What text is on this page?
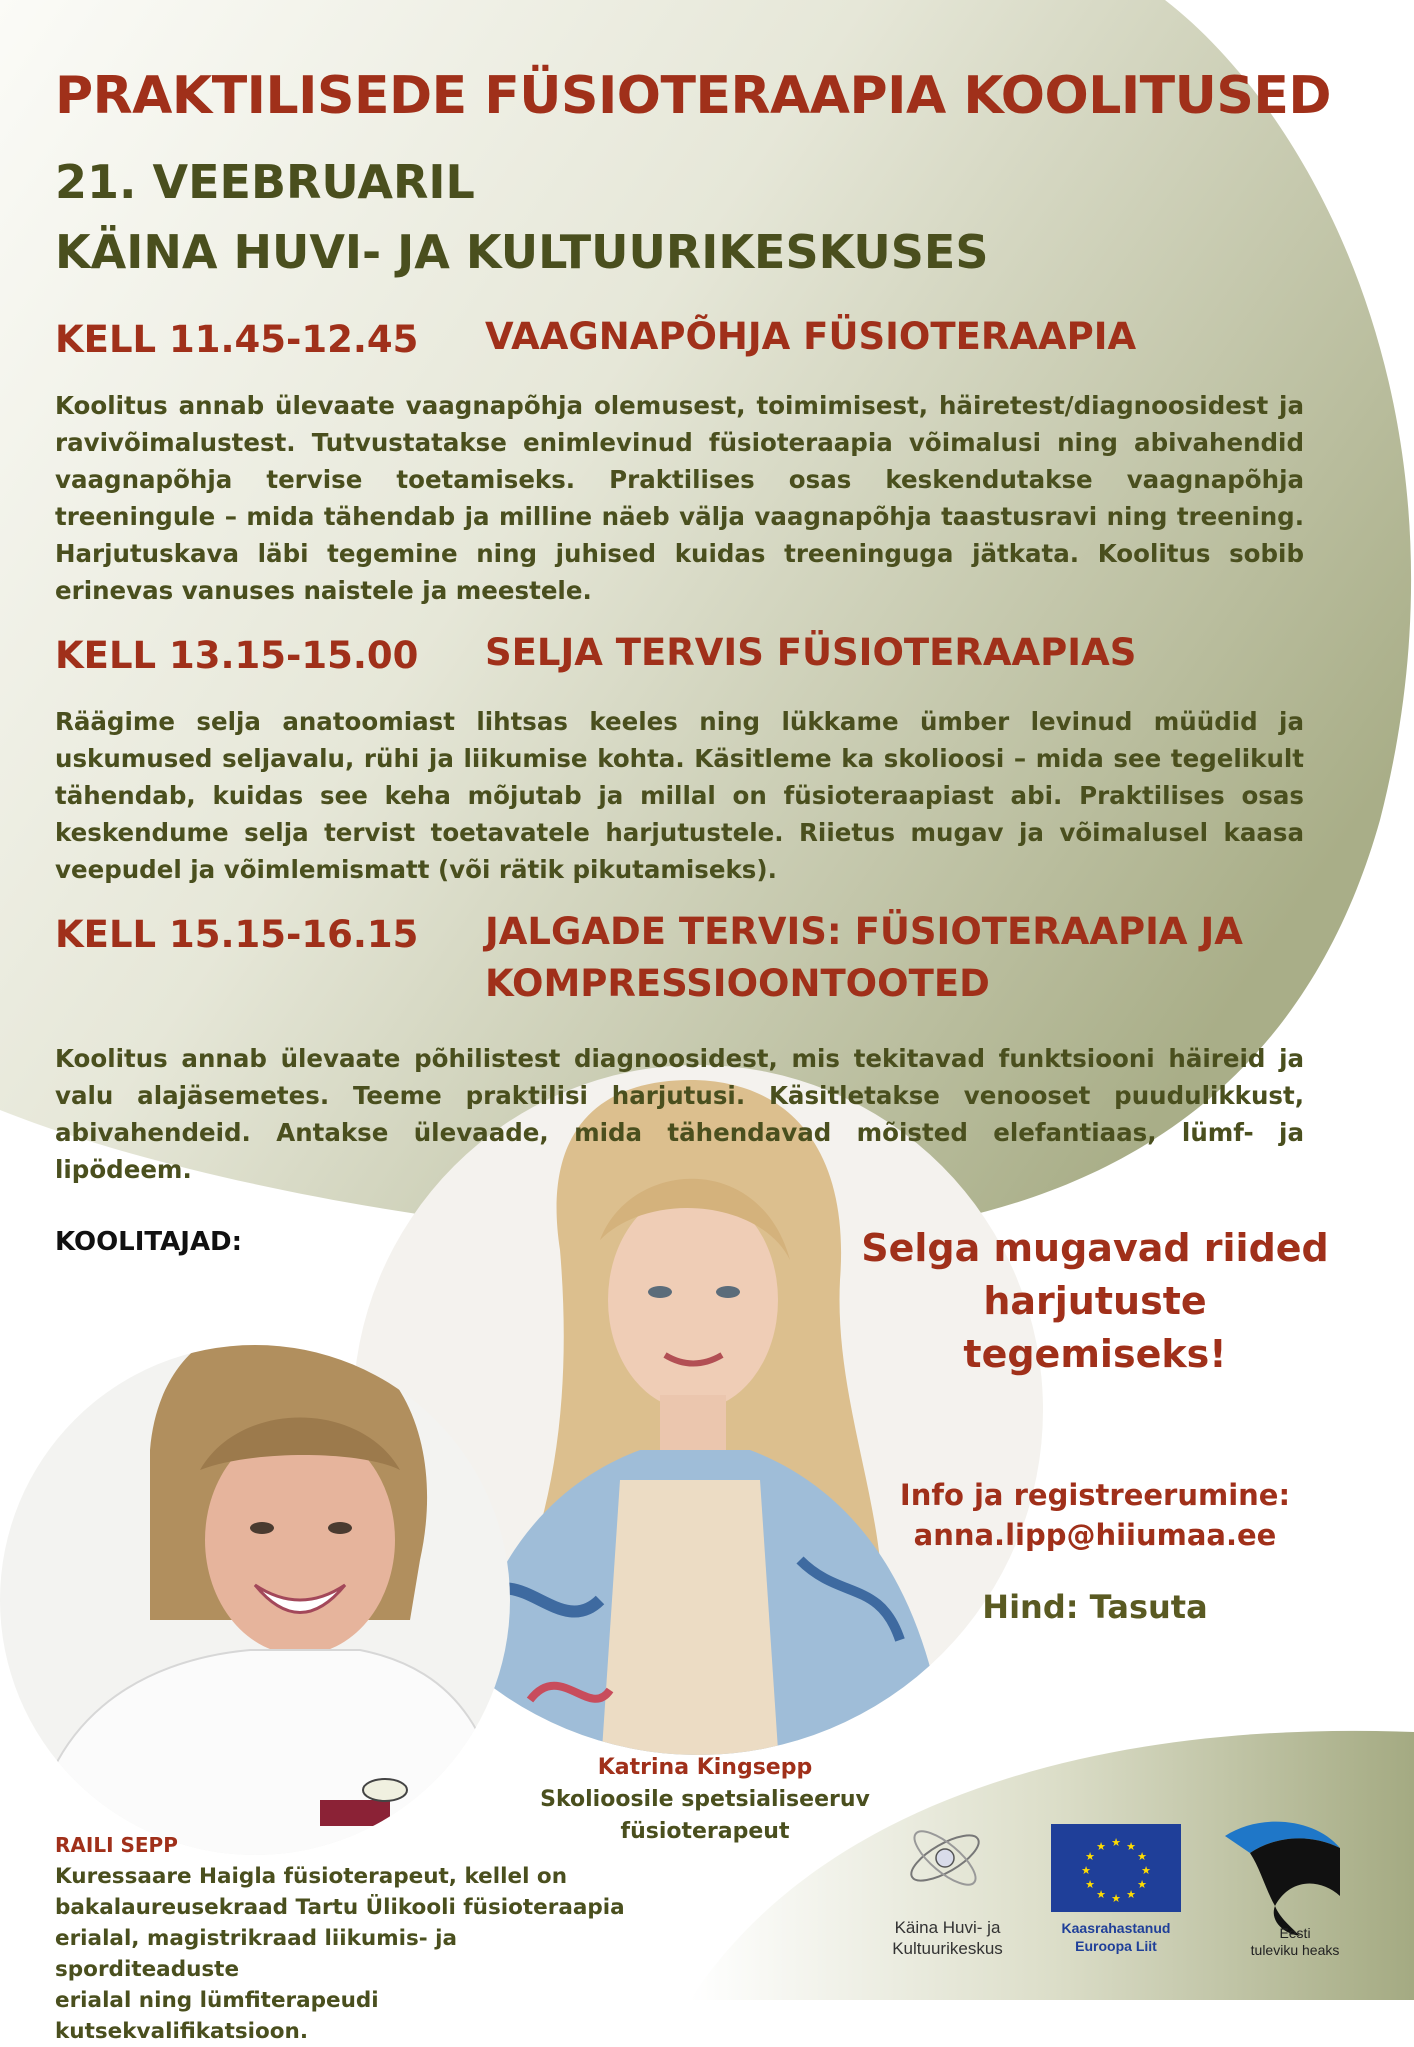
★ ★
★
★
★
★
★
★
★
★
★
★
PRAKTILISEDE FÜSIOTERAAPIA KOOLITUSED
21. VEEBRUARIL
KÄINA HUVI- JA KULTUURIKESKUSES
KELL 11.45-12.45 VAAGNAPÕHJA FÜSIOTERAAPIA
Koolitus annab ülevaate vaagnapõhja olemusest, toimimisest, häiretest/diagnoosidest ja ravivõimalustest. Tutvustatakse enimlevinud füsioteraapia võimalusi ning abivahendid vaagnapõhja tervise toetamiseks. Praktilises osas keskendutakse vaagnapõhja treeningule – mida tähendab ja milline näeb välja vaagnapõhja taastusravi ning treening. Harjutuskava läbi tegemine ning juhised kuidas treeninguga jätkata. Koolitus sobib erinevas vanuses naistele ja meestele.
KELL 13.15-15.00 SELJA TERVIS FÜSIOTERAAPIAS
Räägime selja anatoomiast lihtsas keeles ning lükkame ümber levinud müüdid ja uskumused seljavalu, rühi ja liikumise kohta. Käsitleme ka skolioosi – mida see tegelikult tähendab, kuidas see keha mõjutab ja millal on füsioteraapiast abi. Praktilises osas keskendume selja tervist toetavatele harjutustele. Riietus mugav ja võimalusel kaasa veepudel ja võimlemismatt (või rätik pikutamiseks).
KELL 15.15-16.15 JALGADE TERVIS: FÜSIOTERAAPIA JA KOMPRESSIOONTOOTED
Koolitus annab ülevaate põhilistest diagnoosidest, mis tekitavad funktsiooni häireid ja valu alajäsemetes. Teeme praktilisi harjutusi. Käsitletakse venooset puudulikkust, abivahendeid. Antakse ülevaade, mida tähendavad mõisted elefantiaas, lümf- ja lipödeem.
KOOLITAJAD:	Selga mugavad riided
harjutuste
tegemiseks!
Info ja registreerumine:
anna.lipp@hiiumaa.ee
Hind: Tasuta
Katrina Kingsepp
Skolioosile spetsialiseeruv
füsioterapeut
RAILI SEPP
Kuressaare Haigla füsioterapeut, kellel on
bakalaureusekraad Tartu Ülikooli füsioteraapia
erialal, magistrikraad liikumis- ja sporditeaduste
erialal ning lümfiterapeudi kutsekvalifikatsioon.
Käina Huvi- ja
Kultuurikeskus
Kaasrahastanud
Euroopa Liit
Eesti
tuleviku heaks
